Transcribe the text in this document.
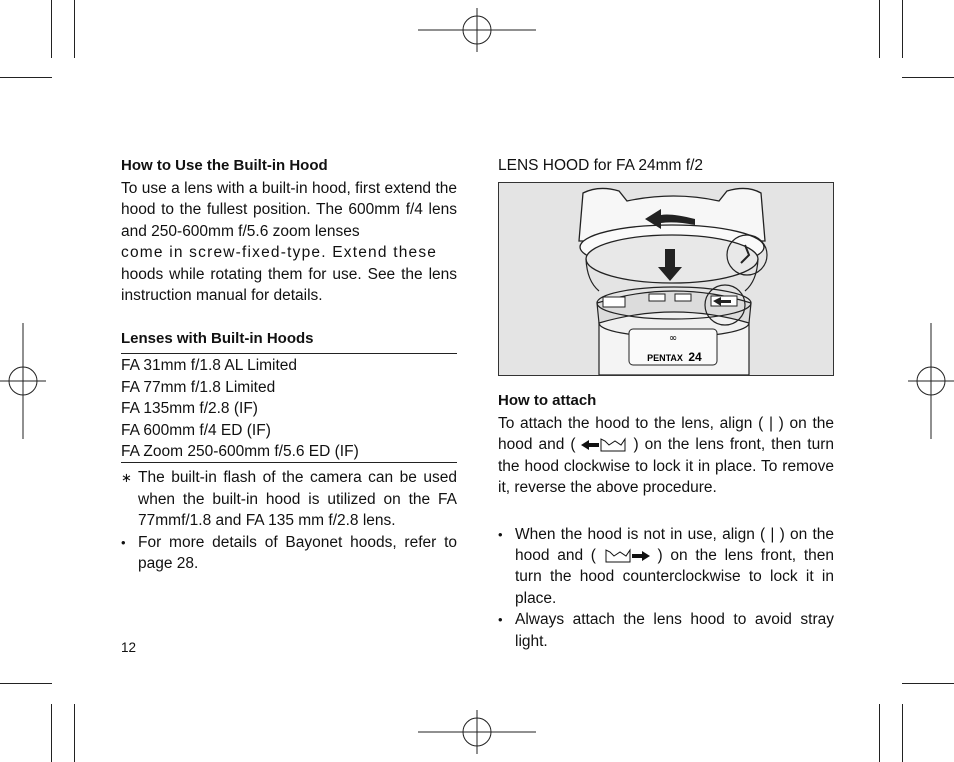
How to Use the Built-in Hood

To use a lens with a built-in hood, first extend the hood to the fullest position. The 600mm f/4 lens and 250-600mm f/5.6 zoom lenses

come in screw-fixed-type. Extend these

hoods while rotating them for use. See the lens instruction manual for details.

Lenses with Built-in Hoods
FA 31mm f/1.8 AL Limited
FA 77mm f/1.8 Limited
FA 135mm f/2.8 (IF)
FA 600mm f/4 ED (IF)
FA Zoom 250-600mm f/5.6 ED (IF)
∗ The built-in flash of the camera can be used when the built-in hood is utilized on the FA 77mmf/1.8 and FA 135 mm f/2.8 lens.
• For more details of Bayonet hoods, refer to page 28.
12

LENS HOOD for FA 24mm f/2

∞
PENTAX 24
How to attach

To attach the hood to the lens, align ( | ) on the hood and (	) on the lens front, then turn the hood clockwise to lock it in place. To remove it, reverse the above procedure.

• When the hood is not in use, align ( | ) on the hood and (	) on the lens front, then turn the hood counterclockwise to lock it in place.
• Always attach the lens hood to avoid stray light.
